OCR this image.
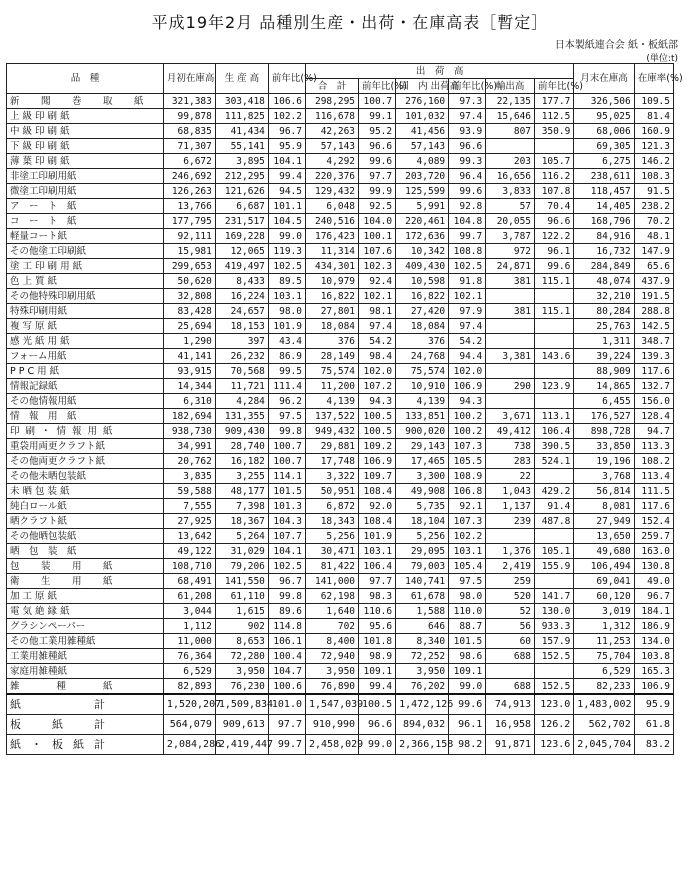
平成19年2月 品種別生産・出荷・在庫高表［暫定］
日本製紙連合会 紙・板紙部
(単位:t)
品　種	月初在庫高	生 産 高	前年比(%)	出　荷　高						月末在庫高	在庫率(%)
				合　計	前年比(%)	国　内 出荷高	前年比(%)	輸出高	前年比(%)		
新　聞　巻　取　紙	321,383	303,418	106.6	298,295	100.7	276,160	97.3	22,135	177.7	326,506	109.5
上 級 印 刷 紙	99,878	111,825	102.2	116,678	99.1	101,032	97.4	15,646	112.5	95,025	81.4
中 級 印 刷 紙	68,835	41,434	96.7	42,263	95.2	41,456	93.9	807	350.9	68,006	160.9
下 級 印 刷 紙	71,307	55,141	95.9	57,143	96.6	57,143	96.6			69,305	121.3
薄 葉 印 刷 紙	6,672	3,895	104.1	4,292	99.6	4,089	99.3	203	105.7	6,275	146.2
非塗工印刷用紙	246,692	212,295	99.4	220,376	97.7	203,720	96.4	16,656	116.2	238,611	108.3
微塗工印刷用紙	126,263	121,626	94.5	129,432	99.9	125,599	99.6	3,833	107.8	118,457	91.5
ア　ー　ト　紙	13,766	6,687	101.1	6,048	92.5	5,991	92.8	57	70.4	14,405	238.2
コ　ー　ト　紙	177,795	231,517	104.5	240,516	104.0	220,461	104.8	20,055	96.6	168,796	70.2
軽量コート紙	92,111	169,228	99.0	176,423	100.1	172,636	99.7	3,787	122.2	84,916	48.1
その他塗工印刷紙	15,981	12,065	119.3	11,314	107.6	10,342	108.8	972	96.1	16,732	147.9
塗 工 印 刷 用 紙	299,653	419,497	102.5	434,301	102.3	409,430	102.5	24,871	99.6	284,849	65.6
色 上 質 紙	50,620	8,433	89.5	10,979	92.4	10,598	91.8	381	115.1	48,074	437.9
その他特殊印刷用紙	32,808	16,224	103.1	16,822	102.1	16,822	102.1			32,210	191.5
特殊印刷用紙	83,428	24,657	98.0	27,801	98.1	27,420	97.9	381	115.1	80,284	288.8
複 写 原 紙	25,694	18,153	101.9	18,084	97.4	18,084	97.4			25,763	142.5
感 光 紙 用 紙	1,290	397	43.4	376	54.2	376	54.2			1,311	348.7
フォーム用紙	41,141	26,232	86.9	28,149	98.4	24,768	94.4	3,381	143.6	39,224	139.3
P P C 用 紙	93,915	70,568	99.5	75,574	102.0	75,574	102.0			88,909	117.6
情報記録紙	14,344	11,721	111.4	11,200	107.2	10,910	106.9	290	123.9	14,865	132.7
その他情報用紙	6,310	4,284	96.2	4,139	94.3	4,139	94.3			6,455	156.0
情　報　用　紙	182,694	131,355	97.5	137,522	100.5	133,851	100.2	3,671	113.1	176,527	128.4
印刷・情報用紙	938,730	909,430	99.8	949,432	100.5	900,020	100.2	49,412	106.4	898,728	94.7
重袋用両更クラフト紙	34,991	28,740	100.7	29,881	109.2	29,143	107.3	738	390.5	33,850	113.3
その他両更クラフト紙	20,762	16,182	100.7	17,748	106.9	17,465	105.5	283	524.1	19,196	108.2
その他未晒包装紙	3,835	3,255	114.1	3,322	109.7	3,300	108.9	22		3,768	113.4
未 晒 包 装 紙	59,588	48,177	101.5	50,951	108.4	49,908	106.8	1,043	429.2	56,814	111.5
純白ロール紙	7,555	7,398	101.3	6,872	92.0	5,735	92.1	1,137	91.4	8,081	117.6
晒クラフト紙	27,925	18,367	104.3	18,343	108.4	18,104	107.3	239	487.8	27,949	152.4
その他晒包装紙	13,642	5,264	107.7	5,256	101.9	5,256	102.2			13,650	259.7
晒　包　装　紙	49,122	31,029	104.1	30,471	103.1	29,095	103.1	1,376	105.1	49,680	163.0
包　装　用　紙	108,710	79,206	102.5	81,422	106.4	79,003	105.4	2,419	155.9	106,494	130.8
衛　生　用　紙	68,491	141,550	96.7	141,000	97.7	140,741	97.5	259		69,041	49.0
加 工 原 紙	61,208	61,110	99.8	62,198	98.3	61,678	98.0	520	141.7	60,120	96.7
電 気 絶 縁 紙	3,044	1,615	89.6	1,640	110.6	1,588	110.0	52	130.0	3,019	184.1
グラシンペーパー	1,112	902	114.8	702	95.6	646	88.7	56	933.3	1,312	186.9
その他工業用雑種紙	11,000	8,653	106.1	8,400	101.8	8,340	101.5	60	157.9	11,253	134.0
工業用雑種紙	76,364	72,280	100.4	72,940	98.9	72,252	98.6	688	152.5	75,704	103.8
家庭用雑種紙	6,529	3,950	104.7	3,950	109.1	3,950	109.1			6,529	165.3
雑　　種　　紙	82,893	76,230	100.6	76,890	99.4	76,202	99.0	688	152.5	82,233	106.9
紙　　　計	1,520,207	1,509,834	101.0	1,547,039	100.5	1,472,126	99.6	74,913	123.0	1,483,002	95.9
板　紙　計	564,079	909,613	97.7	910,990	96.6	894,032	96.1	16,958	126.2	562,702	61.8
紙・板紙計	2,084,286	2,419,447	99.7	2,458,029	99.0	2,366,158	98.2	91,871	123.6	2,045,704	83.2
